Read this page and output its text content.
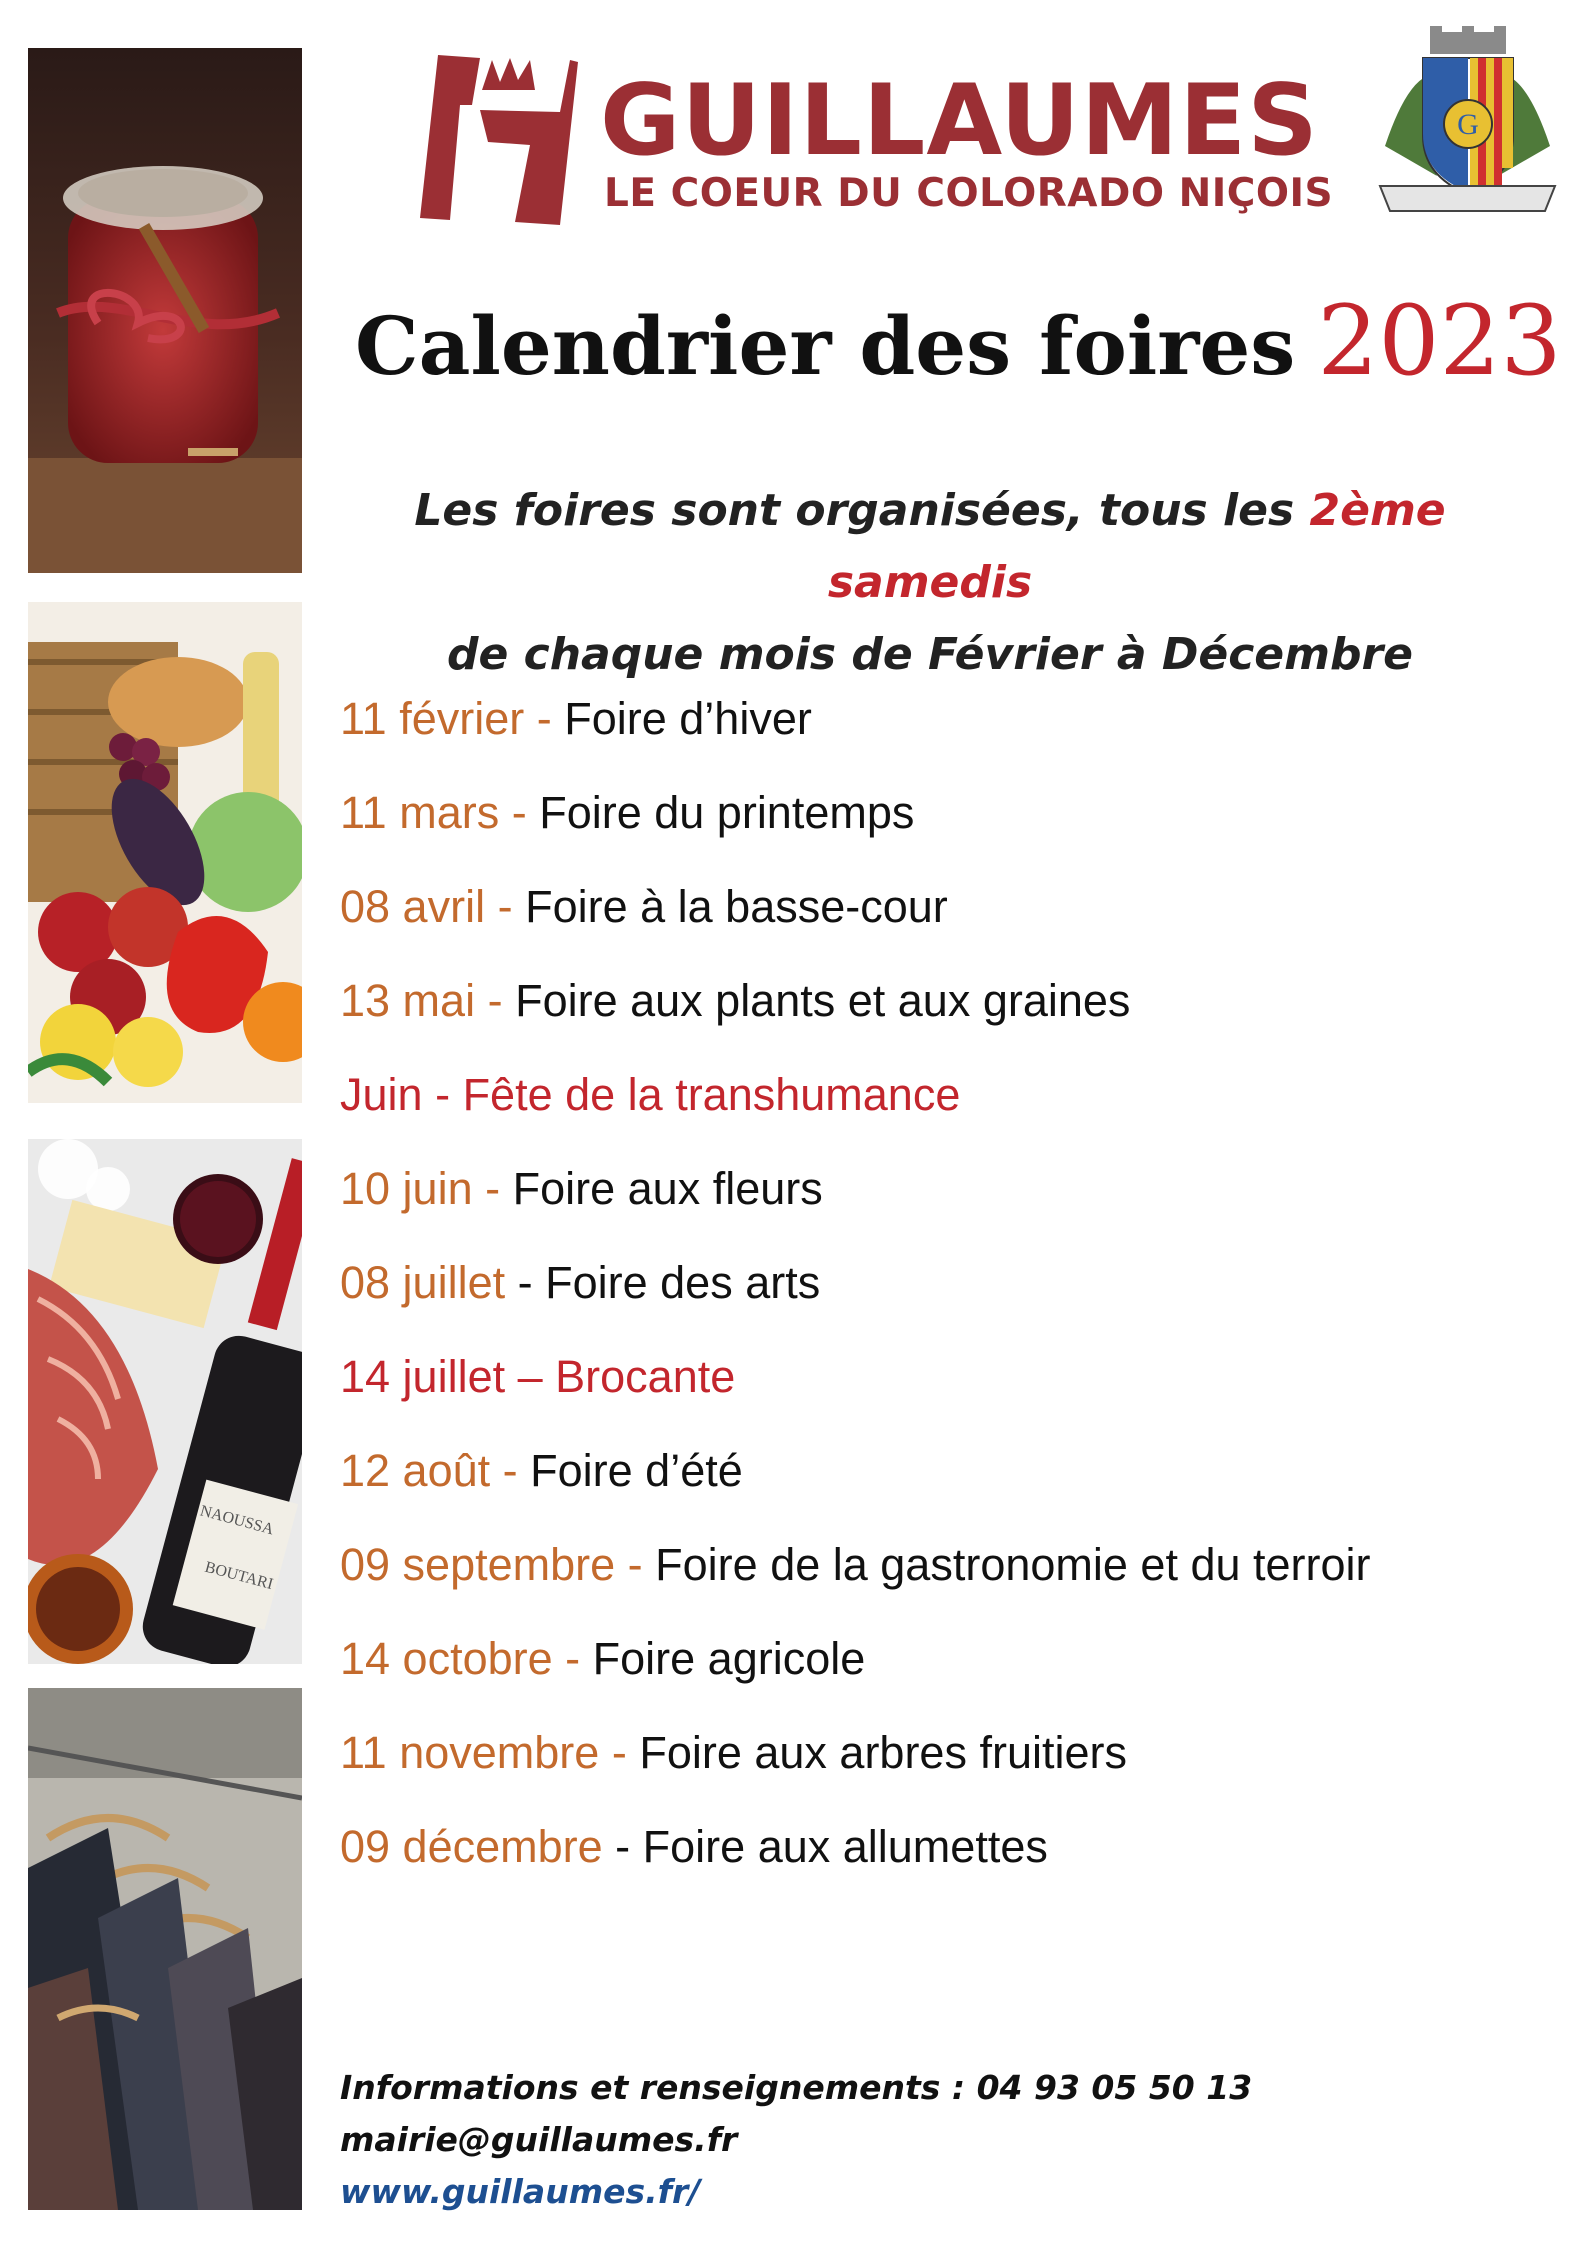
NAOUSSA
BOUTARI
GUILLAUMES
LE COEUR DU COLORADO NIÇOIS
G
Calendrier des foires 2023
Les foires sont organisées, tous les 2ème samedis
de chaque mois de Février à Décembre
11 février - Foire d’hiver
11 mars - Foire du printemps
08 avril - Foire à la basse-cour
13 mai - Foire aux plants et aux graines
Juin - Fête de la transhumance
10 juin - Foire aux fleurs
08 juillet - Foire des arts
14 juillet – Brocante
12 août - Foire d’été
09 septembre - Foire de la gastronomie et du terroir
14 octobre - Foire agricole
11 novembre - Foire aux arbres fruitiers
09 décembre - Foire aux allumettes
Informations et renseignements : 04 93 05 50 13
mairie@guillaumes.fr
www.guillaumes.fr/
